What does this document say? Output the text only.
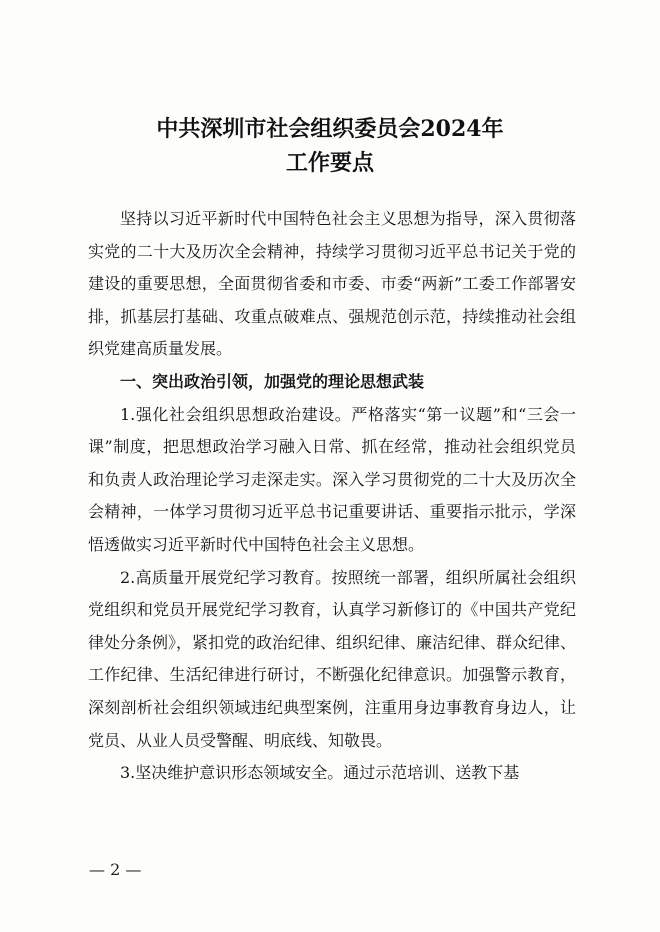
中共深圳市社会组织委员会2024年
工作要点

坚持以习近平新时代中国特色社会主义思想为指导，深入贯彻落实党的二十大及历次全会精神，持续学习贯彻习近平总书记关于党的建设的重要思想，全面贯彻省委和市委、市委“两新”工委工作部署安排，抓基层打基础、攻重点破难点、强规范创示范，持续推动社会组织党建高质量发展。

一、突出政治引领，加强党的理论思想武装

1.强化社会组织思想政治建设。严格落实“第一议题”和“三会一课”制度，把思想政治学习融入日常、抓在经常，推动社会组织党员和负责人政治理论学习走深走实。深入学习贯彻党的二十大及历次全会精神，一体学习贯彻习近平总书记重要讲话、重要指示批示，学深悟透做实习近平新时代中国特色社会主义思想。

2.高质量开展党纪学习教育。按照统一部署，组织所属社会组织党组织和党员开展党纪学习教育，认真学习新修订的《中国共产党纪律处分条例》，紧扣党的政治纪律、组织纪律、廉洁纪律、群众纪律、工作纪律、生活纪律进行研讨，不断强化纪律意识。加强警示教育，深刻剖析社会组织领域违纪典型案例，注重用身边事教育身边人，让党员、从业人员受警醒、明底线、知敬畏。

3.坚决维护意识形态领域安全。通过示范培训、送教下基

— 2 —
